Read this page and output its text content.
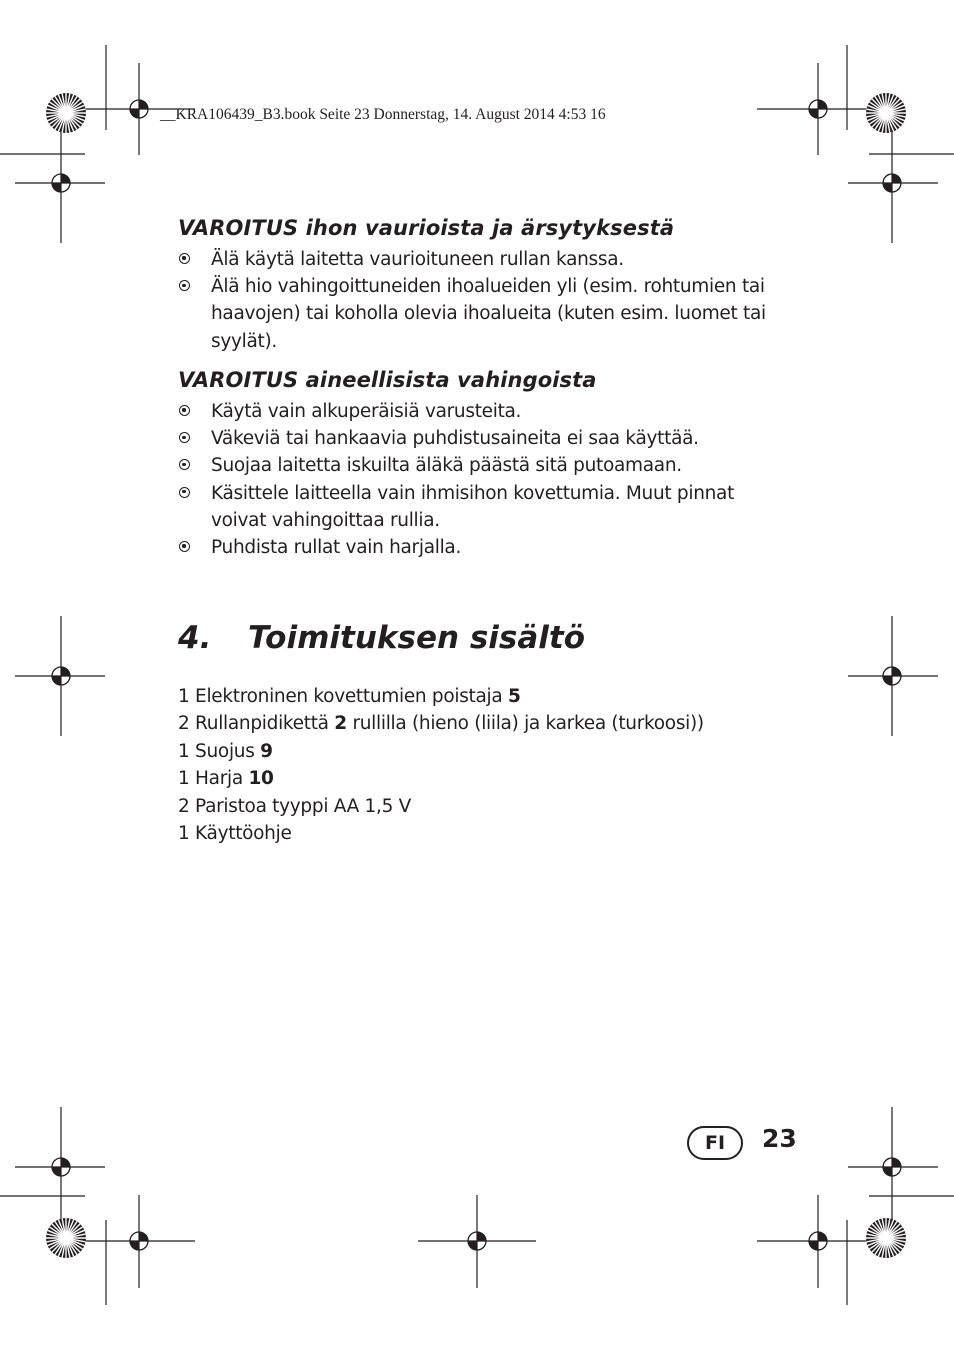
__KRA106439_B3.book Seite 23 Donnerstag, 14. August 2014 4:53 16
VAROITUS ihon vaurioista ja ärsytyksestä
Älä käytä laitetta vaurioituneen rullan kanssa.
Älä hio vahingoittuneiden ihoalueiden yli (esim. rohtumien tai haavojen) tai koholla olevia ihoalueita (kuten esim. luomet tai syylät).
VAROITUS aineellisista vahingoista
Käytä vain alkuperäisiä varusteita.
Väkeviä tai hankaavia puhdistusaineita ei saa käyttää.
Suojaa laitetta iskuilta äläkä päästä sitä putoamaan.
Käsittele laitteella vain ihmisihon kovettumia. Muut pinnat voivat vahingoittaa rullia.
Puhdista rullat vain harjalla.
4. Toimituksen sisältö
1 Elektroninen kovettumien poistaja 5
2 Rullanpidikettä 2 rullilla (hieno (liila) ja karkea (turkoosi))
1 Suojus 9
1 Harja 10
2 Paristoa tyyppi AA 1,5 V
1 Käyttöohje
FI	23
